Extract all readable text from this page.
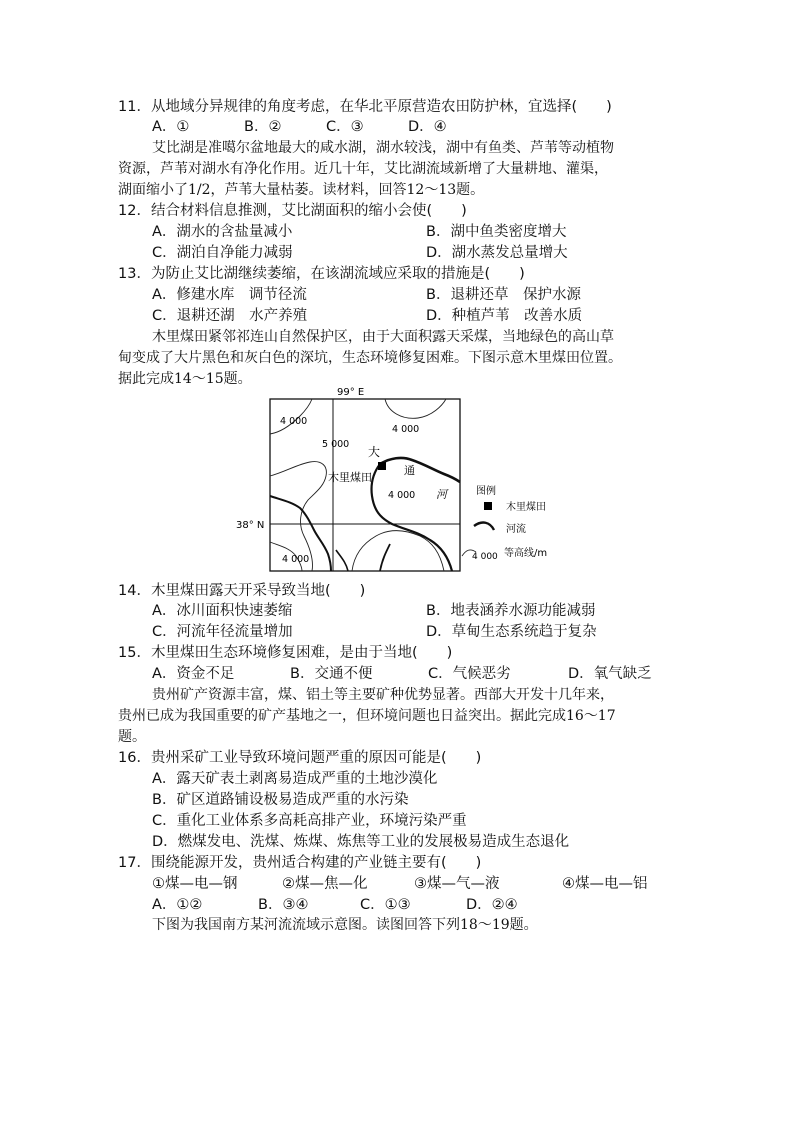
11．从地域分异规律的角度考虑，在华北平原营造农田防护林，宜选择(　　)
A．①	B．②	C．③	D．④
艾比湖是准噶尔盆地最大的咸水湖，湖水较浅，湖中有鱼类、芦苇等动植物
资源，芦苇对湖水有净化作用。近几十年，艾比湖流域新增了大量耕地、灌渠，
湖面缩小了1/2，芦苇大量枯萎。读材料，回答12～13题。
12．结合材料信息推测，艾比湖面积的缩小会使(　　)
A．湖水的含盐量减小	B．湖中鱼类密度增大
C．湖泊自净能力减弱	D．湖水蒸发总量增大
13．为防止艾比湖继续萎缩，在该湖流域应采取的措施是(　　)
A．修建水库　调节径流	B．退耕还草　保护水源
C．退耕还湖　水产养殖	D．种植芦苇　改善水质
木里煤田紧邻祁连山自然保护区，由于大面积露天采煤，当地绿色的高山草
甸变成了大片黑色和灰白色的深坑，生态环境修复困难。下图示意木里煤田位置。
据此完成14～15题。
99° E
38° N
4 000
5 000
4 000
4 000
4 000
大
通
河
木里煤田
图例
木里煤田
河流
4 000 等高线/m
14．木里煤田露天开采导致当地(　　)
A．冰川面积快速萎缩	B．地表涵养水源功能减弱
C．河流年径流量增加	D．草甸生态系统趋于复杂
15．木里煤田生态环境修复困难，是由于当地(　　)
A．资金不足	B．交通不便	C．气候恶劣	D．氧气缺乏
贵州矿产资源丰富，煤、铝土等主要矿种优势显著。西部大开发十几年来，
贵州已成为我国重要的矿产基地之一，但环境问题也日益突出。据此完成16～17
题。
16．贵州采矿工业导致环境问题严重的原因可能是(　　)
A．露天矿表土剥离易造成严重的土地沙漠化
B．矿区道路铺设极易造成严重的水污染
C．重化工业体系多高耗高排产业，环境污染严重
D．燃煤发电、洗煤、炼煤、炼焦等工业的发展极易造成生态退化
17．围绕能源开发，贵州适合构建的产业链主要有(　　)
①煤—电—钢	②煤—焦—化	③煤—气—液	④煤—电—铝
A．①②	B．③④	C．①③	D．②④
下图为我国南方某河流流域示意图。读图回答下列18～19题。
